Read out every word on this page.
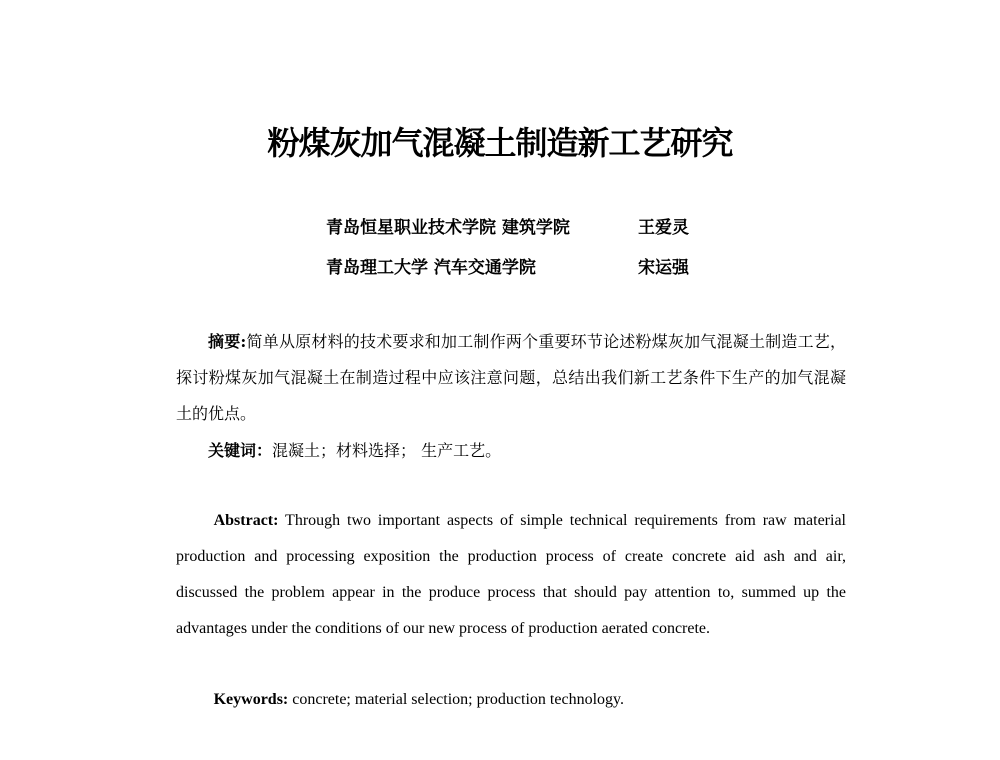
粉煤灰加气混凝土制造新工艺研究
青岛恒星职业技术学院 建筑学院	王爱灵
青岛理工大学 汽车交通学院	宋运强

摘要:简单从原材料的技术要求和加工制作两个重要环节论述粉煤灰加气混凝土制造工艺，探讨粉煤灰加气混凝土在制造过程中应该注意问题，总结出我们新工艺条件下生产的加气混凝土的优点。

关键词：混凝土；材料选择； 生产工艺。

Abstract: Through two important aspects of simple technical requirements from raw material production and processing exposition the production process of create concrete aid ash and air, discussed the problem appear in the produce process that should pay attention to, summed up the advantages under the conditions of our new process of production aerated concrete.

Keywords: concrete; material selection; production technology.
